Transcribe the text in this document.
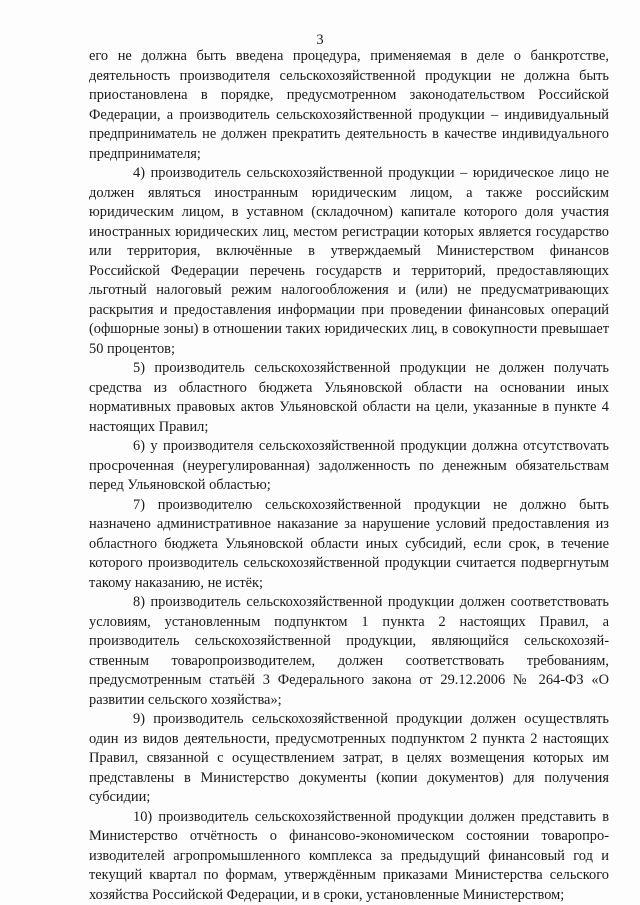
3

его не должна быть введена процедура, применяемая в деле о банкротстве, деятельность производителя сельскохозяйственной продукции не должна быть приостановлена в порядке, предусмотренном законодательством Российской Федерации, а производитель сельскохозяйственной продукции – индивидуальный предприниматель не должен прекратить деятельность в качестве индивидуального предпринимателя;

4) производитель сельскохозяйственной продукции – юридическое лицо не должен являться иностранным юридическим лицом, а также российским юридическим лицом, в уставном (складочном) капитале которого доля участия иностранных юридических лиц, местом регистрации которых является государство или территория, включённые в утверждаемый Министерством финансов Российской Федерации перечень государств и территорий, предоставляющих льготный налоговый режим налогообложения и (или) не предусматривающих раскрытия и предоставления информации при проведении финансовых операций (офшорные зоны) в отношении таких юридических лиц, в совокупности превышает 50 процентов;

5) производитель сельскохозяйственной продукции не должен получать средства из областного бюджета Ульяновской области на основании иных нормативных правовых актов Ульяновской области на цели, указанные в пункте 4 настоящих Правил;

6) у производителя сельскохозяйственной продукции должна отсутствоvать просроченная (неурегулированная) задолженность по денежным обязательствам перед Ульяновской областью;

7) производителю сельскохозяйственной продукции не должно быть назначено административное наказание за нарушение условий предоставления из областного бюджета Ульяновской области иных субсидий, если срок, в течение которого производитель сельскохозяйственной продукции считается подвергнутым такому наказанию, не истёк;

8) производитель сельскохозяйственной продукции должен соответствовать условиям, установленным подпунктом 1 пункта 2 настоящих Правил, а производитель сельскохозяйственной продукции, являющийся сельскохозяйственным товаропроизводителем, должен соответствовать требованиям, предусмотренным статьёй 3 Федерального закона от 29.12.2006 № 264-ФЗ «О развитии сельского хозяйства»;

9) производитель сельскохозяйственной продукции должен осуществлять один из видов деятельности, предусмотренных подпунктом 2 пункта 2 настоящих Правил, связанной с осуществлением затрат, в целях возмещения которых им представлены в Министерство документы (копии документов) для получения субсидии;

10) производитель сельскохозяйственной продукции должен представить в Министерство отчётность о финансово-экономическом состоянии товаропроизводителей агропромышленного комплекса за предыдущий финансовый год и текущий квартал по формам, утверждённым приказами Министерства сельского хозяйства Российской Федерации, и в сроки, установленные Министерством;
